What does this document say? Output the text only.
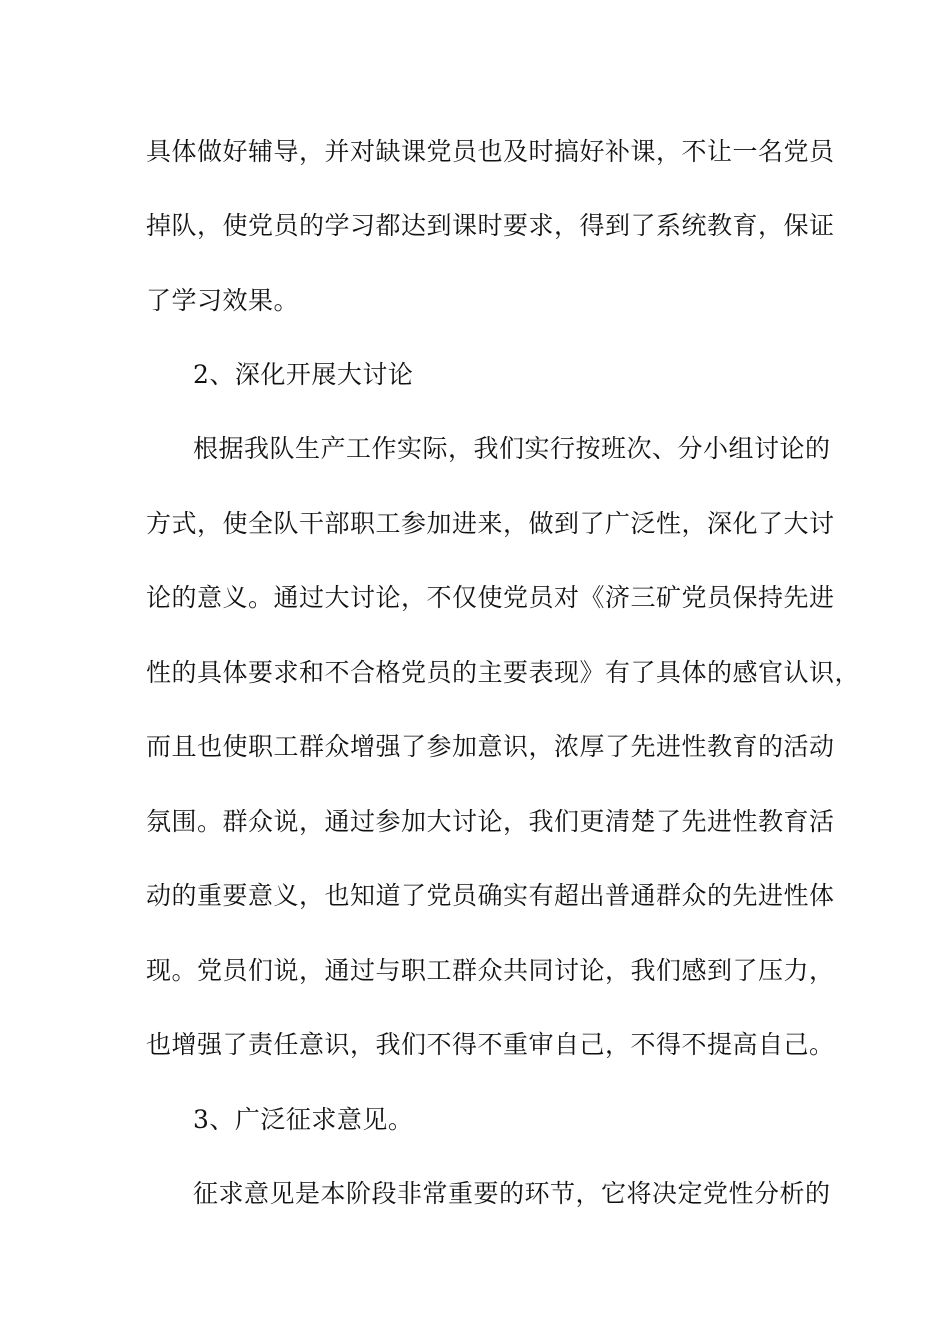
具体做好辅导，并对缺课党员也及时搞好补课，不让一名党员
掉队，使党员的学习都达到课时要求，得到了系统教育，保证
了学习效果。
2、深化开展大讨论
根据我队生产工作实际，我们实行按班次、分小组讨论的
方式，使全队干部职工参加进来，做到了广泛性，深化了大讨
论的意义。通过大讨论，不仅使党员对《济三矿党员保持先进
性的具体要求和不合格党员的主要表现》有了具体的感官认识，
而且也使职工群众增强了参加意识，浓厚了先进性教育的活动
氛围。群众说，通过参加大讨论，我们更清楚了先进性教育活
动的重要意义，也知道了党员确实有超出普通群众的先进性体
现。党员们说，通过与职工群众共同讨论，我们感到了压力，
也增强了责任意识，我们不得不重审自己，不得不提高自己。
3、广泛征求意见。
征求意见是本阶段非常重要的环节，它将决定党性分析的
